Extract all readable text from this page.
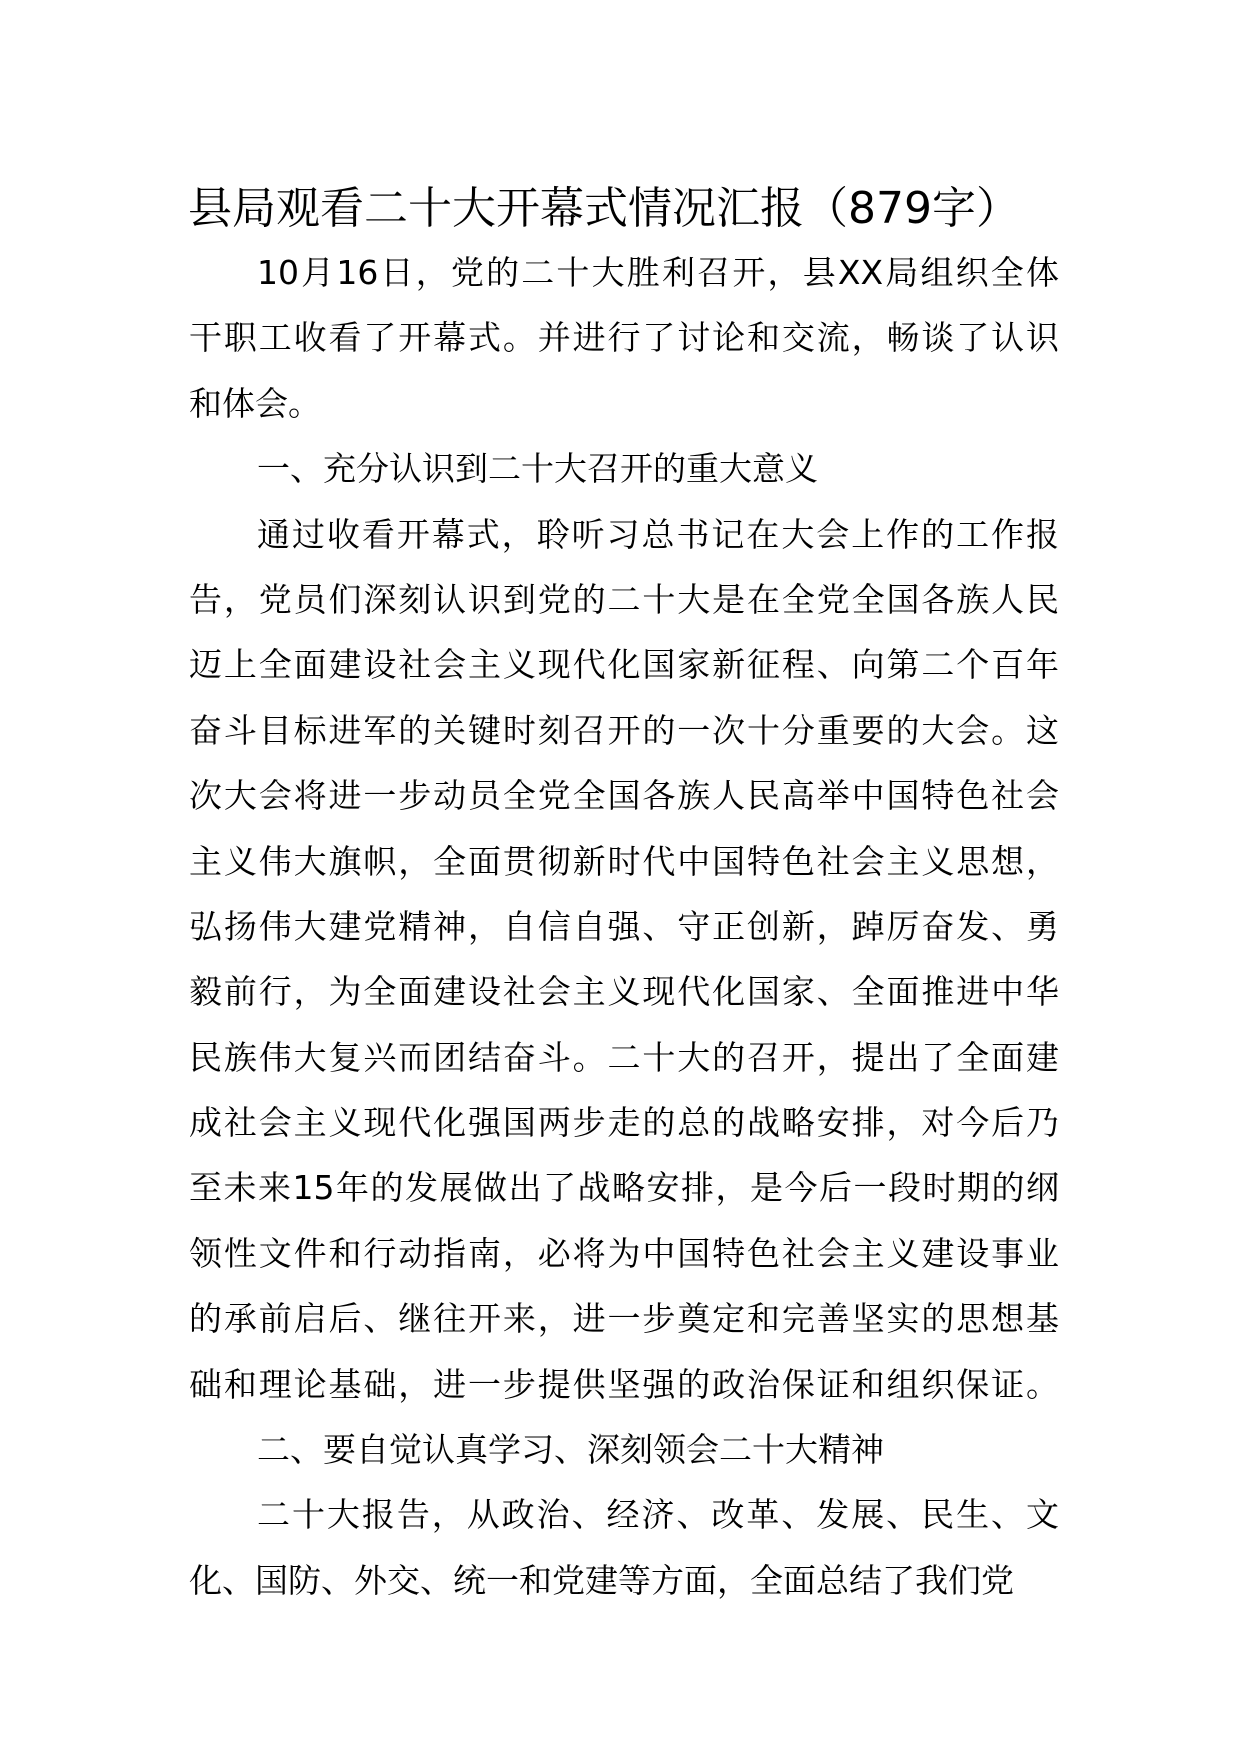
县局观看二十大开幕式情况汇报（879字）
10月16日，党的二十大胜利召开，县XX局组织全体
干职工收看了开幕式。并进行了讨论和交流，畅谈了认识
和体会。
一、充分认识到二十大召开的重大意义
通过收看开幕式，聆听习总书记在大会上作的工作报
告，党员们深刻认识到党的二十大是在全党全国各族人民
迈上全面建设社会主义现代化国家新征程、向第二个百年
奋斗目标进军的关键时刻召开的一次十分重要的大会。这
次大会将进一步动员全党全国各族人民高举中国特色社会
主义伟大旗帜，全面贯彻新时代中国特色社会主义思想，
弘扬伟大建党精神，自信自强、守正创新，踔厉奋发、勇
毅前行，为全面建设社会主义现代化国家、全面推进中华
民族伟大复兴而团结奋斗。二十大的召开，提出了全面建
成社会主义现代化强国两步走的总的战略安排，对今后乃
至未来15年的发展做出了战略安排，是今后一段时期的纲
领性文件和行动指南，必将为中国特色社会主义建设事业
的承前启后、继往开来，进一步奠定和完善坚实的思想基
础和理论基础，进一步提供坚强的政治保证和组织保证。
二、要自觉认真学习、深刻领会二十大精神
二十大报告，从政治、经济、改革、发展、民生、文
化、国防、外交、统一和党建等方面，全面总结了我们党
